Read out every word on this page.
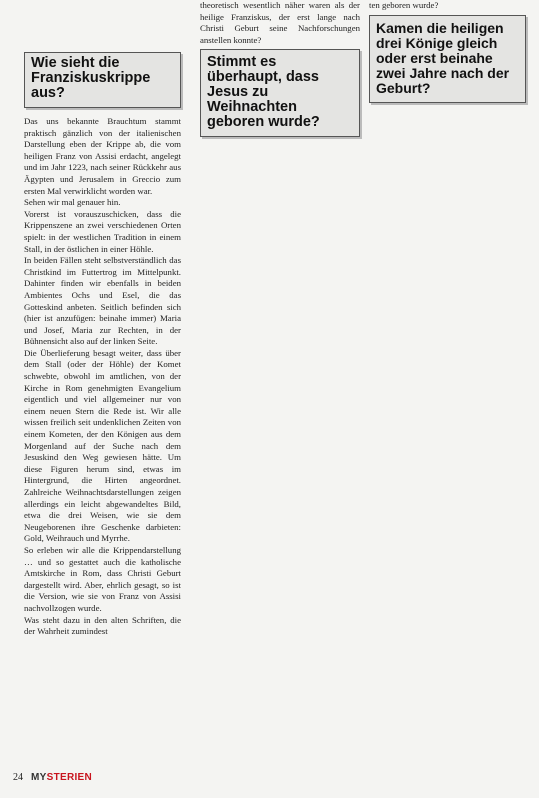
Wie sieht die Franziskuskrippe aus?

Das uns bekannte Brauchtum stammt praktisch gänzlich von der italienischen Darstellung eben der Krippe ab, die vom heiligen Franz von Assisi erdacht, angelegt und im Jahr 1223, nach seiner Rückkehr aus Ägypten und Jerusalem in Greccio zum ersten Mal verwirklicht worden war.

Sehen wir mal genauer hin.

Vorerst ist vorauszuschicken, dass die Krippenszene an zwei verschiedenen Orten spielt: in der westlichen Tradition in einem Stall, in der östlichen in einer Höhle.

In beiden Fällen steht selbstverständlich das Christkind im Futtertrog im Mittelpunkt. Dahinter finden wir ebenfalls in beiden Ambientes Ochs und Esel, die das Gotteskind anbeten. Seitlich befinden sich (hier ist anzufügen: beinahe immer) Maria und Josef, Maria zur Rechten, in der Bühnensicht also auf der linken Seite.

Die Überlieferung besagt weiter, dass über dem Stall (oder der Höhle) der Komet schwebte, obwohl im amtlichen, von der Kirche in Rom genehmigten Evangelium eigentlich und viel allgemeiner nur von einem neuen Stern die Rede ist. Wir alle wissen freilich seit undenklichen Zeiten von einem Kometen, der den Königen aus dem Morgenland auf der Suche nach dem Jesuskind den Weg gewiesen hätte. Um diese Figuren herum sind, etwas im Hintergrund, die Hirten angeordnet. Zahlreiche Weihnachtsdarstellungen zeigen allerdings ein leicht abgewandeltes Bild, etwa die drei Weisen, wie sie dem Neugeborenen ihre Geschenke darbieten: Gold, Weihrauch und Myrrhe.

So erleben wir alle die Krippendarstellung … und so gestattet auch die katholische Amtskirche in Rom, dass Christi Geburt dargestellt wird. Aber, ehrlich gesagt, so ist die Version, wie sie von Franz von Assisi nachvollzogen wurde.

Was steht dazu in den alten Schriften, die der Wahrheit zumindest

theoretisch wesentlich näher waren als der heilige Franziskus, der erst lange nach Christi Geburt seine Nachforschungen anstellen konnte?

Stimmt es überhaupt, dass Jesus zu Weihnachten geboren wurde?

ten geboren wurde?

Kamen die heiligen drei Könige gleich oder erst beinahe zwei Jahre nach der Geburt?
24 MYSTERIEN
